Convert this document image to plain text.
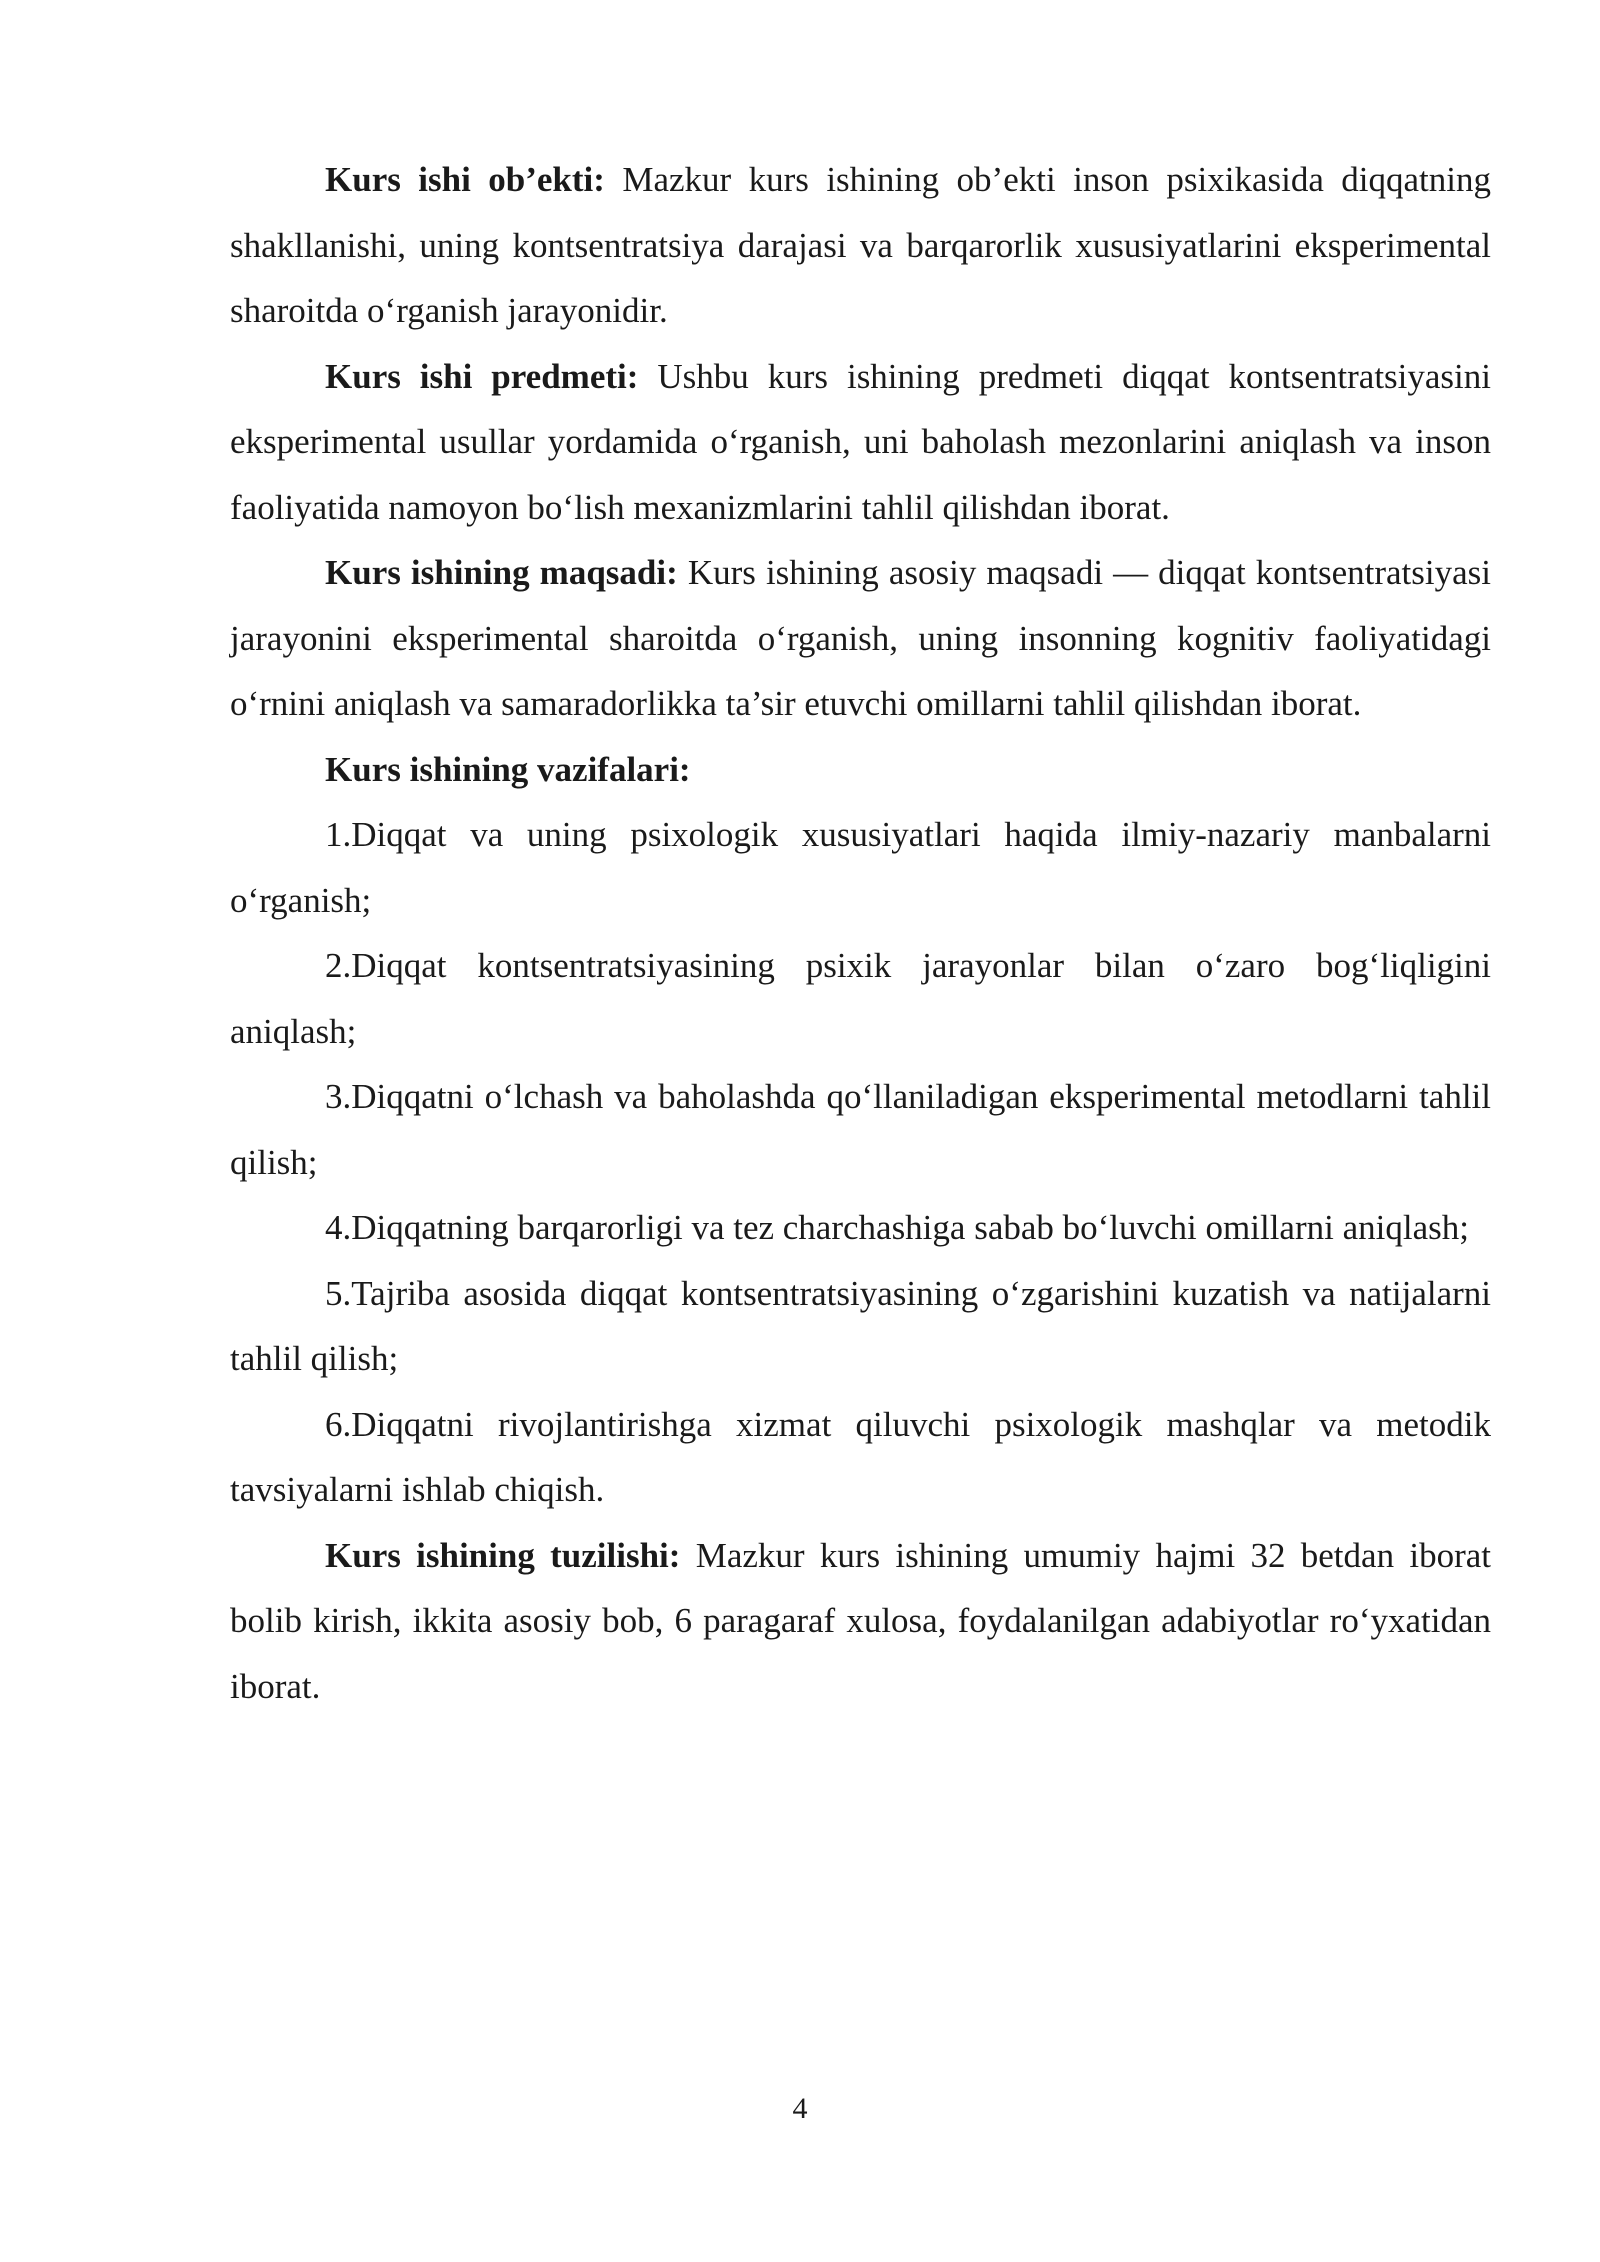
Kurs ishi ob’ekti: Mazkur kurs ishining ob’ekti inson psixikasida diqqatning shakllanishi, uning kontsentratsiya darajasi va barqarorlik xususiyatlarini eksperimental sharoitda o‘rganish jarayonidir.

Kurs ishi predmeti: Ushbu kurs ishining predmeti diqqat kontsentratsiyasini eksperimental usullar yordamida o‘rganish, uni baholash mezonlarini aniqlash va inson faoliyatida namoyon bo‘lish mexanizmlarini tahlil qilishdan iborat.

Kurs ishining maqsadi: Kurs ishining asosiy maqsadi — diqqat kontsentratsiyasi jarayonini eksperimental sharoitda o‘rganish, uning insonning kognitiv faoliyatidagi o‘rnini aniqlash va samaradorlikka ta’sir etuvchi omillarni tahlil qilishdan iborat.

Kurs ishining vazifalari:

1.Diqqat va uning psixologik xususiyatlari haqida ilmiy-nazariy manbalarni o‘rganish;

2.Diqqat kontsentratsiyasining psixik jarayonlar bilan o‘zaro bog‘liqligini aniqlash;

3.Diqqatni o‘lchash va baholashda qo‘llaniladigan eksperimental metodlarni tahlil qilish;

4.Diqqatning barqarorligi va tez charchashiga sabab bo‘luvchi omillarni aniqlash;

5.Tajriba asosida diqqat kontsentratsiyasining o‘zgarishini kuzatish va natijalarni tahlil qilish;

6.Diqqatni rivojlantirishga xizmat qiluvchi psixologik mashqlar va metodik tavsiyalarni ishlab chiqish.

Kurs ishining tuzilishi: Mazkur kurs ishining umumiy hajmi 32 betdan iborat bolib kirish, ikkita asosiy bob, 6 paragaraf xulosa, foydalanilgan adabiyotlar ro‘yxatidan iborat.

4
